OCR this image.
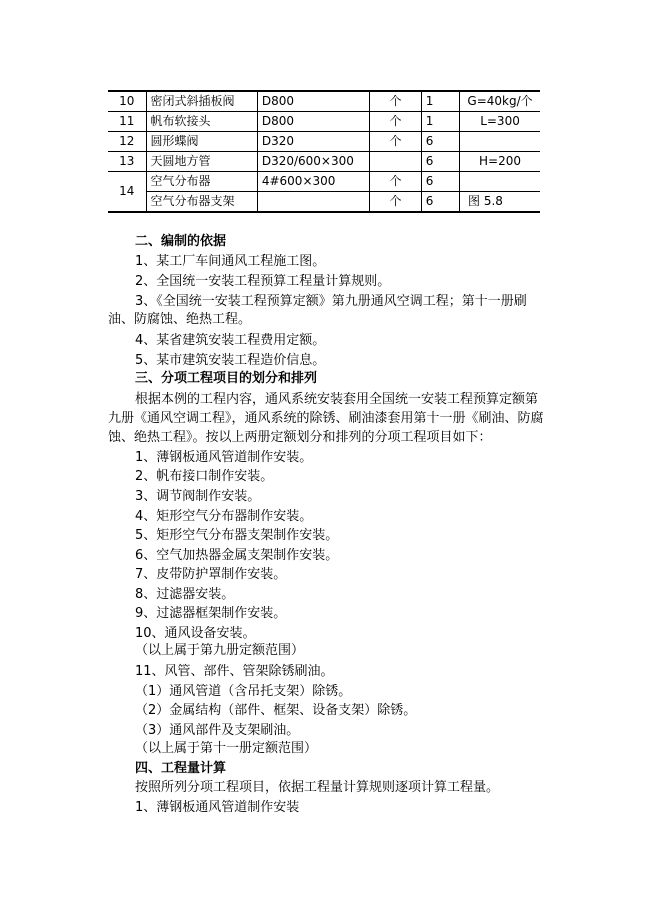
10	密闭式斜插板阀	D800	个	1	G=40kg/个
11	帆布软接头	D800	个	1	L=300
12	圆形蝶阀	D320	个	6	
13	天圆地方管	D320/600×300		6	H=200
14	空气分布器	4#600×300	个	6	
	空气分布器支架		个	6	图 5.8
二、编制的依据
1、某工厂车间通风工程施工图。
2、全国统一安装工程预算工程量计算规则。
3、《全国统一安装工程预算定额》第九册通风空调工程；第十一册刷油、防腐蚀、绝热工程。
4、某省建筑安装工程费用定额。
5、某市建筑安装工程造价信息。
三、分项工程项目的划分和排列
根据本例的工程内容，通风系统安装套用全国统一安装工程预算定额第九册《通风空调工程》，通风系统的除锈、刷油漆套用第十一册《刷油、防腐蚀、绝热工程》。按以上两册定额划分和排列的分项工程项目如下：
1、薄钢板通风管道制作安装。
2、帆布接口制作安装。
3、调节阀制作安装。
4、矩形空气分布器制作安装。
5、矩形空气分布器支架制作安装。
6、空气加热器金属支架制作安装。
7、皮带防护罩制作安装。
8、过滤器安装。
9、过滤器框架制作安装。
10、通风设备安装。
（以上属于第九册定额范围）
11、风管、部件、管架除锈刷油。
（1）通风管道（含吊托支架）除锈。
（2）金属结构（部件、框架、设备支架）除锈。
（3）通风部件及支架刷油。
（以上属于第十一册定额范围）
四、工程量计算
按照所列分项工程项目，依据工程量计算规则逐项计算工程量。
1、薄钢板通风管道制作安装
